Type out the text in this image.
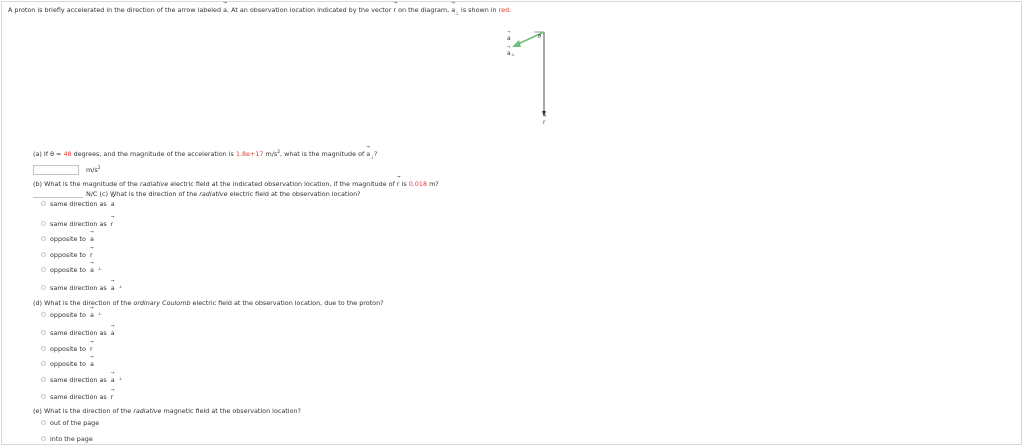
A proton is briefly accelerated in the direction of the arrow labeled → a. At an observation location indicated by the vector → r on the diagram, → $a_\perp$ is shown in red.
a
→
a
→
⊥
θ
r
→
(a) If θ = 48 degrees, and the magnitude of the acceleration is 1.8e+17 $m/s^2$, what is the magnitude of → $a_\perp$?
$m/s^2$
(b) What is the magnitude of the radiative electric field at the indicated observation location, if the magnitude of → r is 0.018 m?
N/C (c) What is the direction of the radiative electric field at the observation location?
same direction as → a
same direction as → r
opposite to → a
opposite to → r
opposite to → a ⊥
same direction as → a ⊥
(d) What is the direction of the ordinary Coulomb electric field at the observation location, due to the proton?
opposite to → a ⊥
same direction as → a
opposite to → r
opposite to → a
same direction as → a ⊥
same direction as → r
(e) What is the direction of the radiative magnetic field at the observation location?
out of the page
into the page
